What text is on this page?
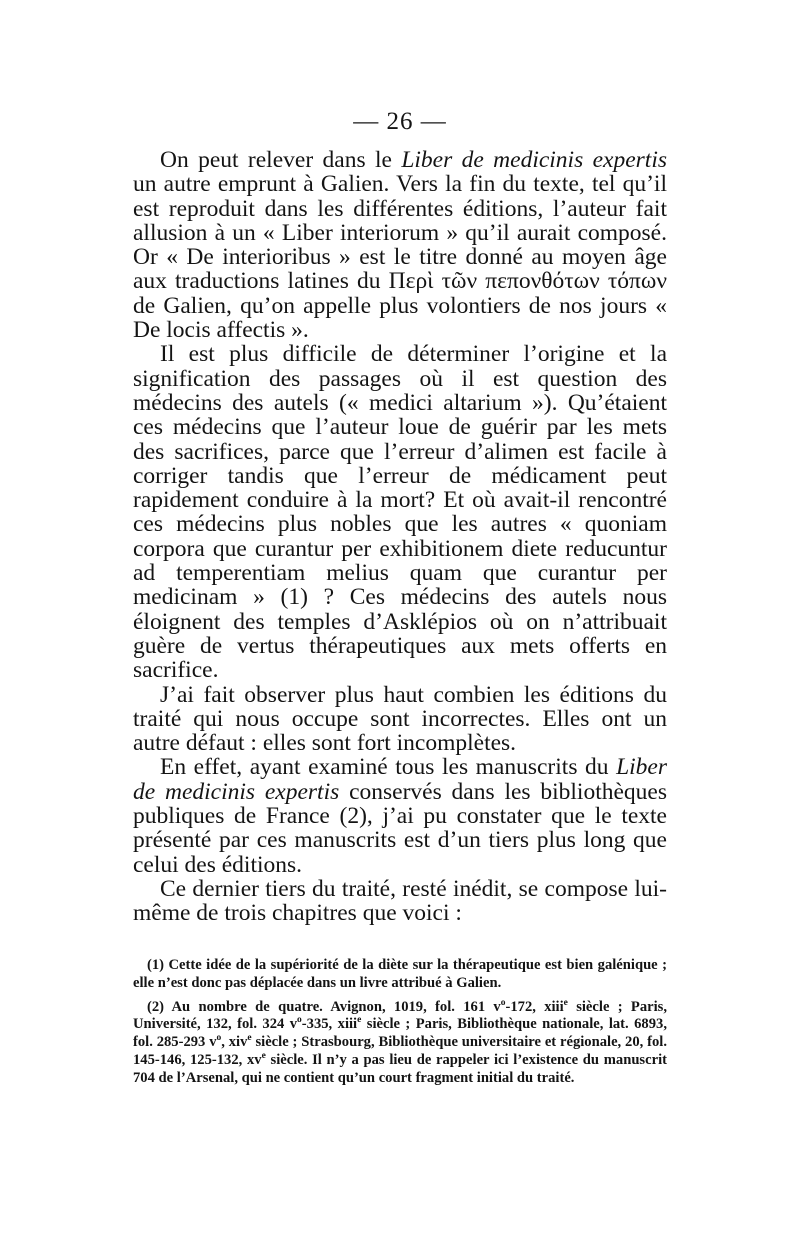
— 26 —

On peut relever dans le Liber de medicinis expertis un autre emprunt à Galien. Vers la fin du texte, tel qu’il est reproduit dans les différentes éditions, l’auteur fait allusion à un « Liber interiorum » qu’il aurait composé. Or « De interioribus » est le titre donné au moyen âge aux traductions latines du Περὶ τῶν πεπονθότων τόπων de Galien, qu’on appelle plus volontiers de nos jours « De locis affectis ».

Il est plus difficile de déterminer l’origine et la signification des passages où il est question des médecins des autels (« medici altarium »). Qu’étaient ces médecins que l’auteur loue de guérir par les mets des sacrifices, parce que l’erreur d’alimen est facile à corriger tandis que l’erreur de médicament peut rapidement conduire à la mort? Et où avait-il rencontré ces médecins plus nobles que les autres « quoniam corpora que curantur per exhibitionem diete reducuntur ad temperentiam melius quam que curantur per medicinam » (1) ? Ces médecins des autels nous éloignent des temples d’Asklépios où on n’attribuait guère de vertus thérapeutiques aux mets offerts en sacrifice.

J’ai fait observer plus haut combien les éditions du traité qui nous occupe sont incorrectes. Elles ont un autre défaut : elles sont fort incomplètes.

En effet, ayant examiné tous les manuscrits du Liber de medicinis expertis conservés dans les bibliothèques publiques de France (2), j’ai pu constater que le texte présenté par ces manuscrits est d’un tiers plus long que celui des éditions.

Ce dernier tiers du traité, resté inédit, se compose lui-même de trois chapitres que voici :

(1) Cette idée de la supériorité de la diète sur la thérapeutique est bien galénique ; elle n’est donc pas déplacée dans un livre attribué à Galien.

(2) Au nombre de quatre. Avignon, 1019, fol. 161 $v^o-172$, xiii$^e$ siècle ; Paris, Université, 132, fol. 324 $v^o-335$, xiii$^e$ siècle ; Paris, Bibliothèque nationale, lat. 6893, fol. 285-293 $v^o$, xiv$^e$ siècle ; Strasbourg, Bibliothèque universitaire et régionale, 20, fol. 145-146, 125-132, $xv^e$ siècle. Il n’y a pas lieu de rappeler ici l’existence du manuscrit 704 de l’Arsenal, qui ne contient qu’un court fragment initial du traité.
